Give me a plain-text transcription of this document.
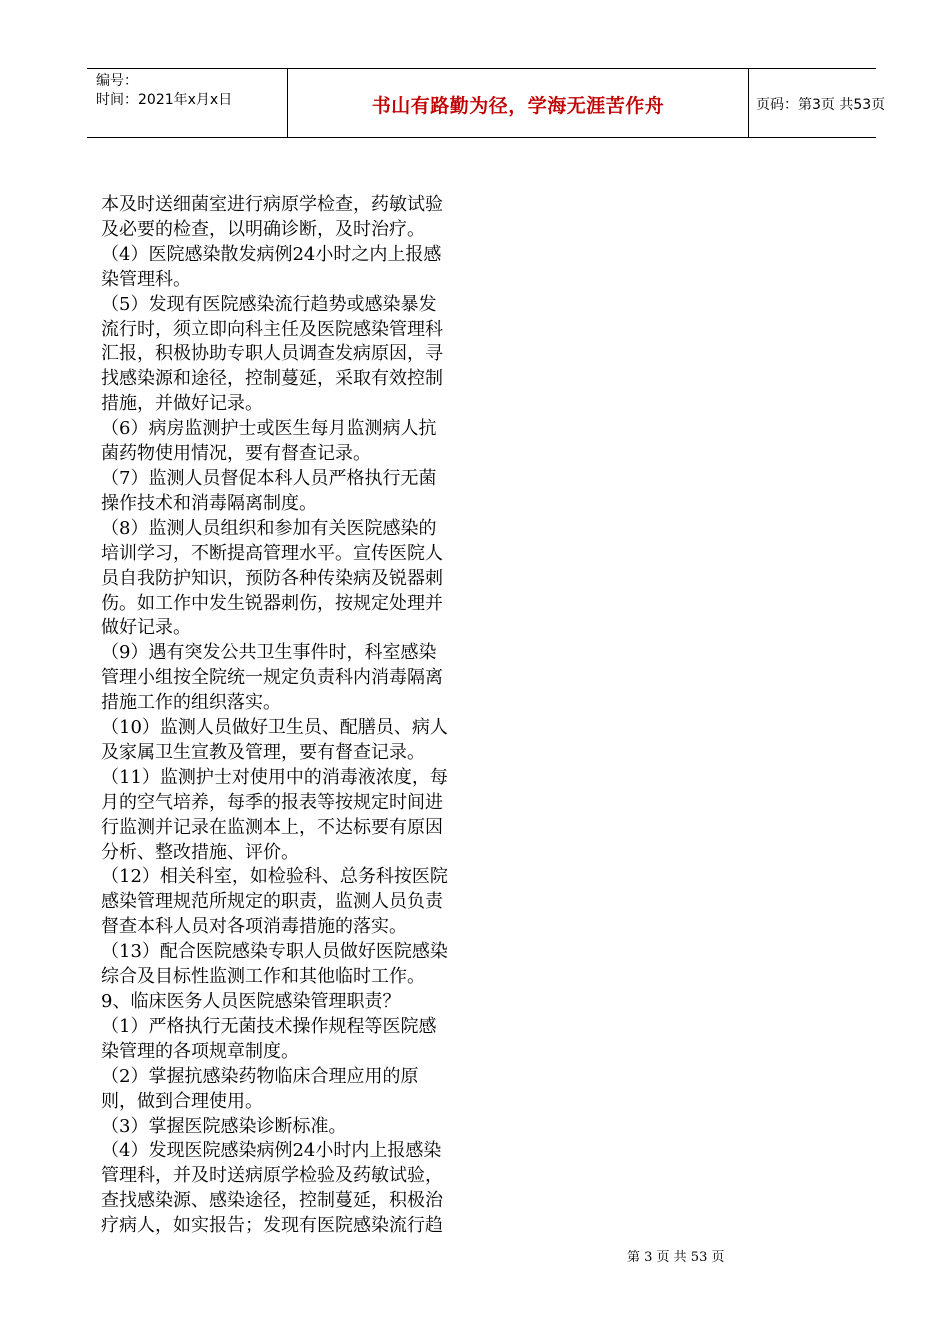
编号：
时间：2021年x月x日	书山有路勤为径，学海无涯苦作舟	页码：第3页 共53页

本及时送细菌室进行病原学检查，药敏试验

及必要的检查，以明确诊断，及时治疗。

（4）医院感染散发病例24小时之内上报感

染管理科。

（5）发现有医院感染流行趋势或感染暴发

流行时，须立即向科主任及医院感染管理科

汇报，积极协助专职人员调查发病原因，寻

找感染源和途径，控制蔓延，采取有效控制

措施，并做好记录。

（6）病房监测护士或医生每月监测病人抗

菌药物使用情况，要有督查记录。

（7）监测人员督促本科人员严格执行无菌

操作技术和消毒隔离制度。

（8）监测人员组织和参加有关医院感染的

培训学习，不断提高管理水平。宣传医院人

员自我防护知识，预防各种传染病及锐器刺

伤。如工作中发生锐器刺伤，按规定处理并

做好记录。

（9）遇有突发公共卫生事件时，科室感染

管理小组按全院统一规定负责科内消毒隔离

措施工作的组织落实。

（10）监测人员做好卫生员、配膳员、病人

及家属卫生宣教及管理，要有督查记录。

（11）监测护士对使用中的消毒液浓度，每

月的空气培养，每季的报表等按规定时间进

行监测并记录在监测本上，不达标要有原因

分析、整改措施、评价。

（12）相关科室，如检验科、总务科按医院

感染管理规范所规定的职责，监测人员负责

督查本科人员对各项消毒措施的落实。

（13）配合医院感染专职人员做好医院感染

综合及目标性监测工作和其他临时工作。

9、临床医务人员医院感染管理职责？

（1）严格执行无菌技术操作规程等医院感

染管理的各项规章制度。

（2）掌握抗感染药物临床合理应用的原

则，做到合理使用。

（3）掌握医院感染诊断标准。

（4）发现医院感染病例24小时内上报感染

管理科，并及时送病原学检验及药敏试验，

查找感染源、感染途径，控制蔓延，积极治

疗病人，如实报告；发现有医院感染流行趋

第 3 页 共 53 页
